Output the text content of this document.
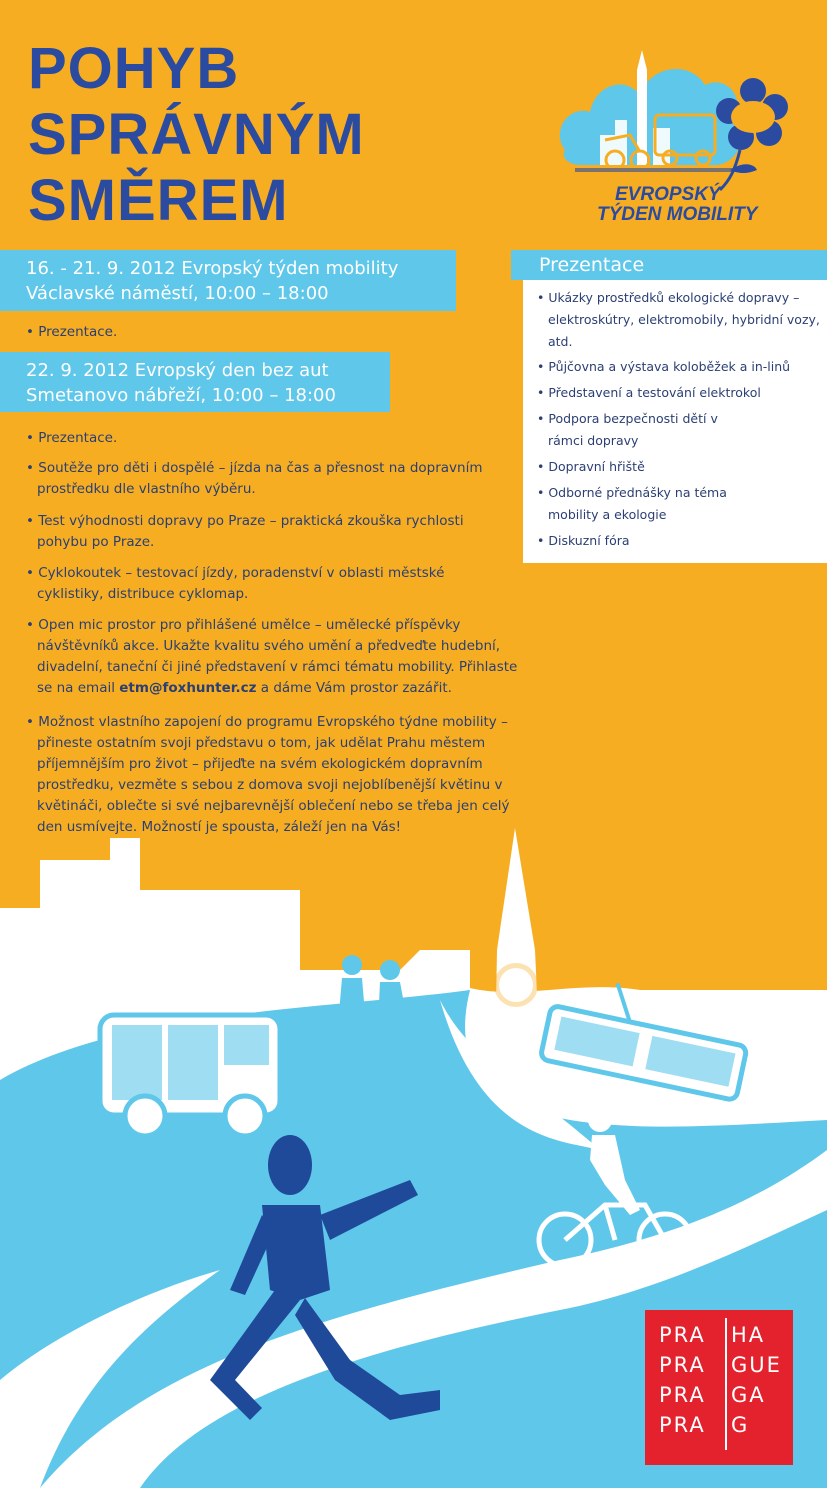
POHYB
SPRÁVNÝM
SMĚREM	EVROPSKÝ
TÝDEN MOBILITY
16. - 21. 9. 2012 Evropský týden mobility
Václavské náměstí, 10:00 – 18:00
• Prezentace.
22. 9. 2012 Evropský den bez aut
Smetanovo nábřeží, 10:00 – 18:00
• Prezentace.
• Soutěže pro děti i dospělé – jízda na čas a přesnost na dopravním prostředku dle vlastního výběru.
• Test výhodnosti dopravy po Praze – praktická zkouška rychlosti pohybu po Praze.
• Cyklokoutek – testovací jízdy, poradenství v oblasti městské cyklistiky, distribuce cyklomap.
• Open mic prostor pro přihlášené umělce – umělecké příspěvky návštěvníků akce. Ukažte kvalitu svého umění a předveďte hudební, divadelní, taneční či jiné představení v rámci tématu mobility. Přihlaste se na email etm@foxhunter.cz a dáme Vám prostor zazářit.
• Možnost vlastního zapojení do programu Evropského týdne mobility – přineste ostatním svoji představu o tom, jak udělat Prahu městem příjemnějším pro život – přijeďte na svém ekologickém dopravním prostředku, vezměte s sebou z domova svoji nejoblíbenější květinu v květináči, oblečte si své nejbarevnější oblečení nebo se třeba jen celý den usmívejte. Možností je spousta, záleží jen na Vás!
Prezentace
• Ukázky prostředků ekologické dopravy – elektroskútry, elektromobily, hybridní vozy, atd.
• Půjčovna a výstava koloběžek a in-linů
• Představení a testování elektrokol
• Podpora bezpečnosti dětí v rámci dopravy
• Dopravní hřiště
• Odborné přednášky na téma mobility a ekologie
• Diskuzní fóra
PRA HA
PRA GUE
PRA GA
PRA G
